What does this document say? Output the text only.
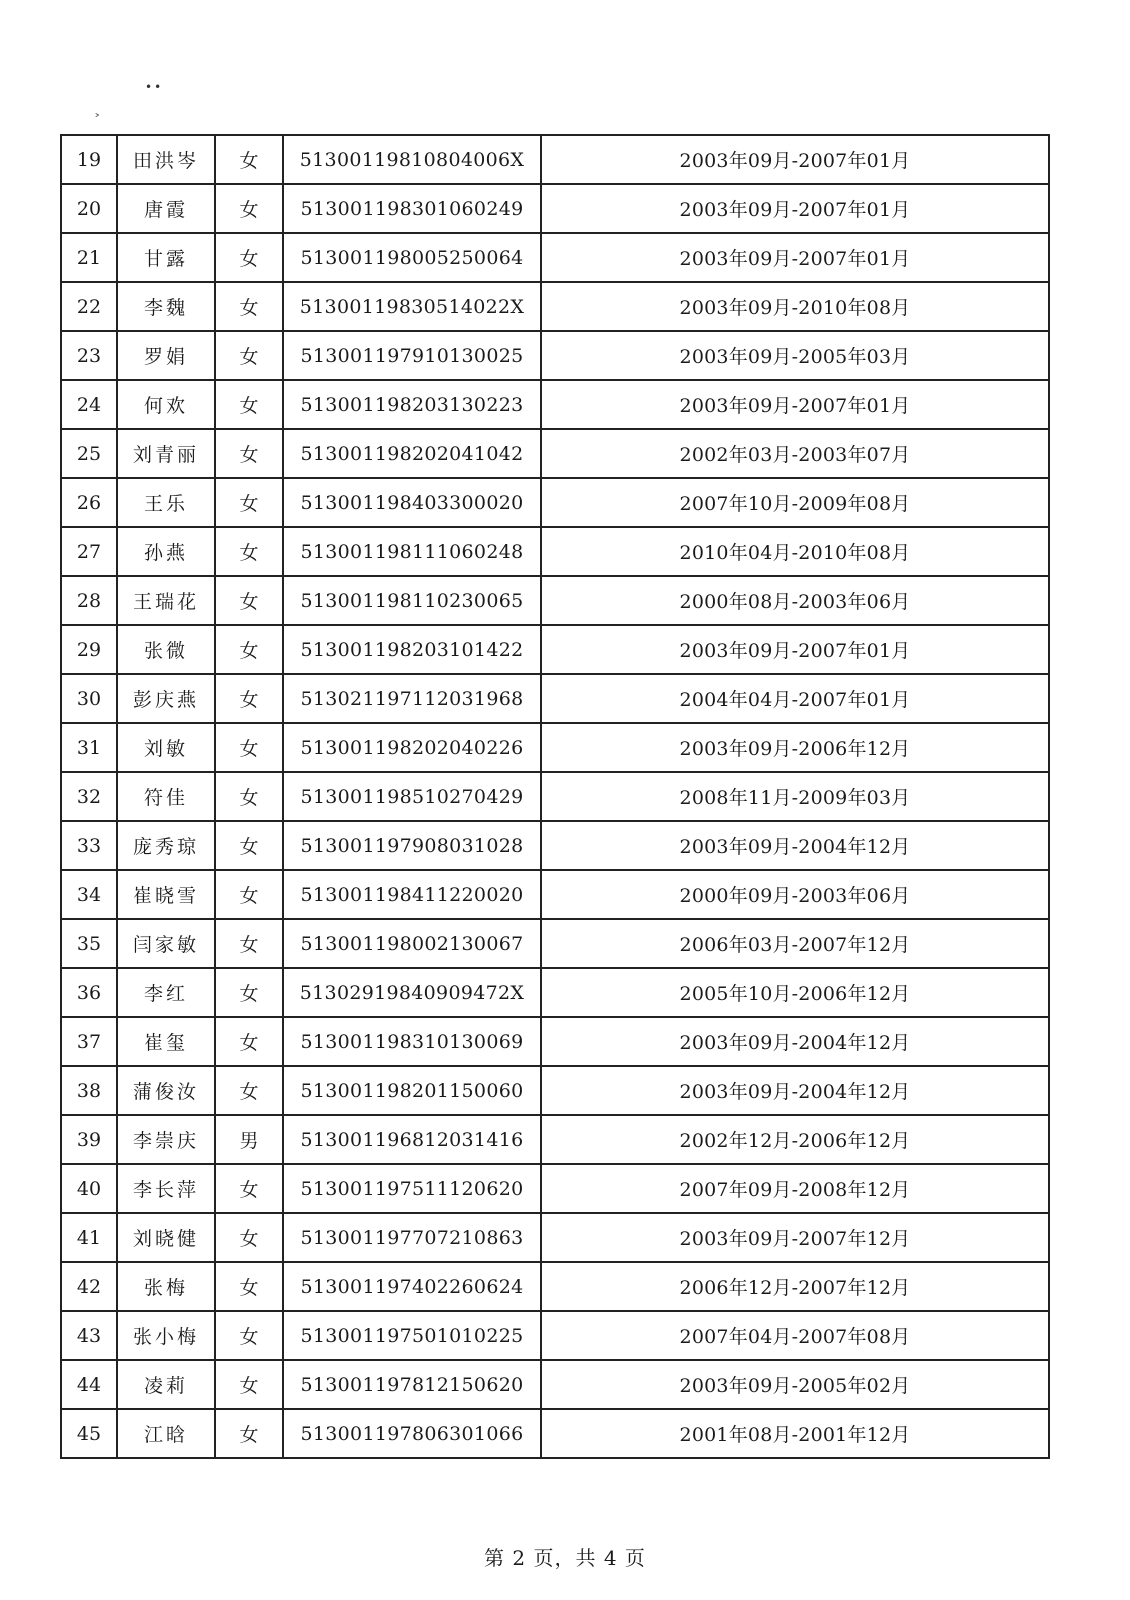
••
˃
19	田洪岑	女	51300119810804006X	2003年09月-2007年01月
20	唐霞	女	513001198301060249	2003年09月-2007年01月
21	甘露	女	513001198005250064	2003年09月-2007年01月
22	李魏	女	51300119830514022X	2003年09月-2010年08月
23	罗娟	女	513001197910130025	2003年09月-2005年03月
24	何欢	女	513001198203130223	2003年09月-2007年01月
25	刘青丽	女	513001198202041042	2002年03月-2003年07月
26	王乐	女	513001198403300020	2007年10月-2009年08月
27	孙燕	女	513001198111060248	2010年04月-2010年08月
28	王瑞花	女	513001198110230065	2000年08月-2003年06月
29	张微	女	513001198203101422	2003年09月-2007年01月
30	彭庆燕	女	513021197112031968	2004年04月-2007年01月
31	刘敏	女	513001198202040226	2003年09月-2006年12月
32	符佳	女	513001198510270429	2008年11月-2009年03月
33	庞秀琼	女	513001197908031028	2003年09月-2004年12月
34	崔晓雪	女	513001198411220020	2000年09月-2003年06月
35	闫家敏	女	513001198002130067	2006年03月-2007年12月
36	李红	女	51302919840909472X	2005年10月-2006年12月
37	崔玺	女	513001198310130069	2003年09月-2004年12月
38	蒲俊汝	女	513001198201150060	2003年09月-2004年12月
39	李崇庆	男	513001196812031416	2002年12月-2006年12月
40	李长萍	女	513001197511120620	2007年09月-2008年12月
41	刘晓健	女	513001197707210863	2003年09月-2007年12月
42	张梅	女	513001197402260624	2006年12月-2007年12月
43	张小梅	女	513001197501010225	2007年04月-2007年08月
44	凌莉	女	513001197812150620	2003年09月-2005年02月
45	江晗	女	513001197806301066	2001年08月-2001年12月
第 2 页，共 4 页
